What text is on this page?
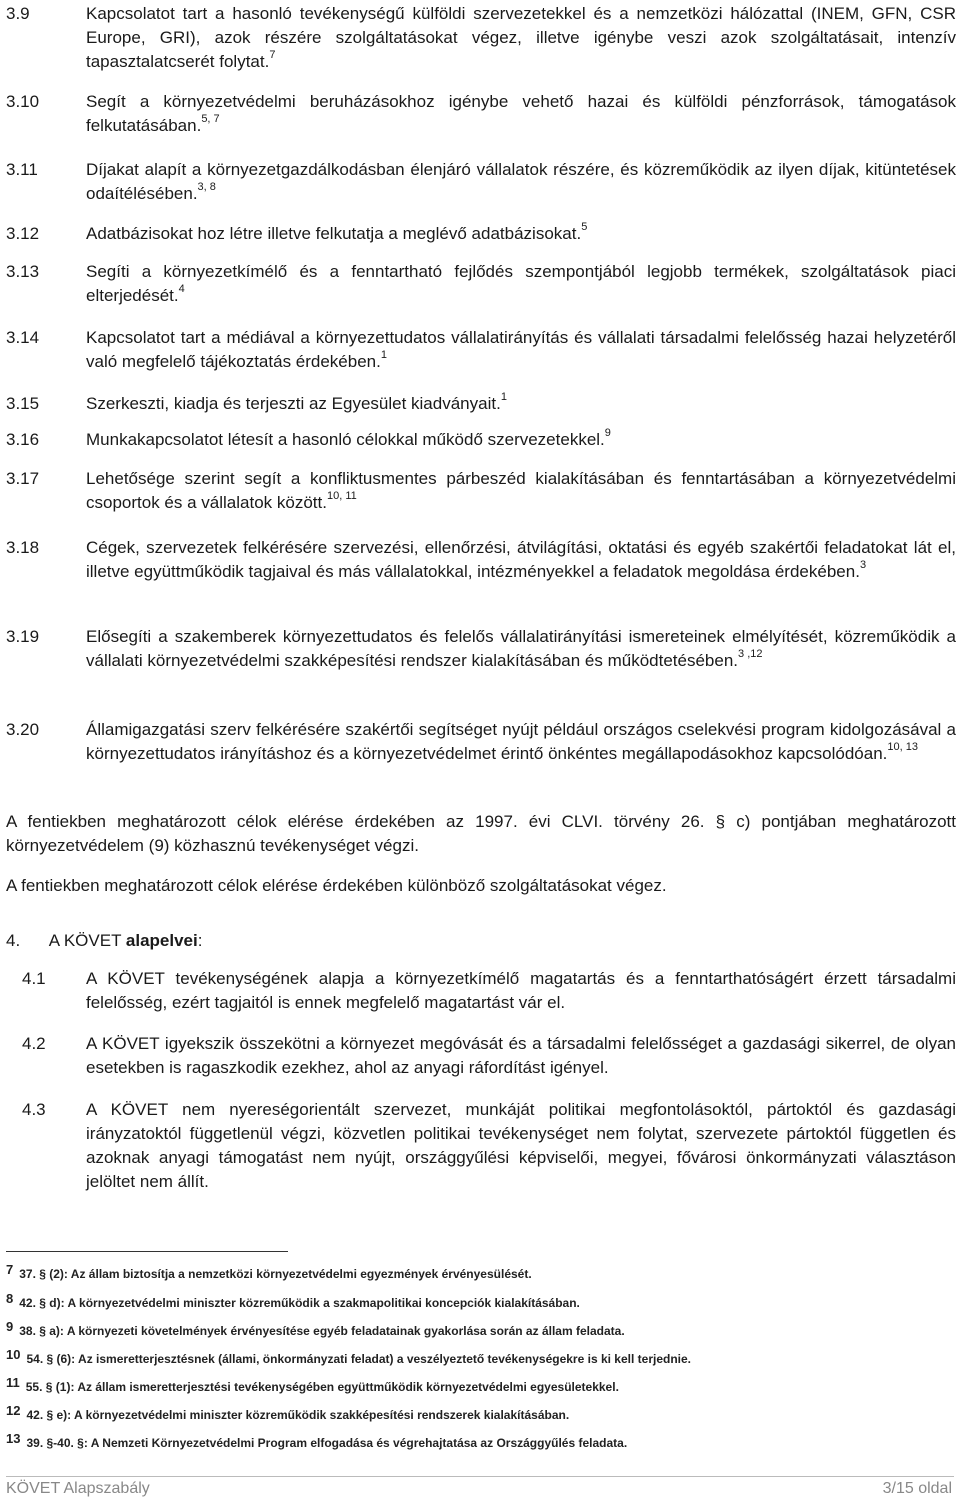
3.9	Kapcsolatot tart a hasonló tevékenységű külföldi szervezetekkel és a nemzetközi hálózattal (INEM, GFN, CSR Europe, GRI), azok részére szolgáltatásokat végez, illetve igénybe veszi azok szolgáltatásait, intenzív tapasztalatcserét folytat.$^7$
3.10	Segít a környezetvédelmi beruházásokhoz igénybe vehető hazai és külföldi pénzforrások, támogatások felkutatásában.$^{5, 7}$
3.11	Díjakat alapít a környezetgazdálkodásban élenjáró vállalatok részére, és közreműködik az ilyen díjak, kitüntetések odaítélésében.$^{3, 8}$
3.12	Adatbázisokat hoz létre illetve felkutatja a meglévő adatbázisokat.$^5$
3.13	Segíti a környezetkímélő és a fenntartható fejlődés szempontjából legjobb termékek, szolgáltatások piaci elterjedését.$^4$
3.14	Kapcsolatot tart a médiával a környezettudatos vállalatirányítás és vállalati társadalmi felelősség hazai helyzetéről való megfelelő tájékoztatás érdekében.$^1$
3.15	Szerkeszti, kiadja és terjeszti az Egyesület kiadványait.$^1$
3.16	Munkakapcsolatot létesít a hasonló célokkal működő szervezetekkel.$^9$
3.17	Lehetősége szerint segít a konfliktusmentes párbeszéd kialakításában és fenntartásában a környezetvédelmi csoportok és a vállalatok között.$^{10, 11}$
3.18	Cégek, szervezetek felkérésére szervezési, ellenőrzési, átvilágítási, oktatási és egyéb szakértői feladatokat lát el, illetve együttműködik tagjaival és más vállalatokkal, intézményekkel a feladatok megoldása érdekében.$^3$
3.19	Elősegíti a szakemberek környezettudatos és felelős vállalatirányítási ismereteinek elmélyítését, közreműködik a vállalati környezetvédelmi szakképesítési rendszer kialakításában és működtetésében.$^{3 ,12}$
3.20	Államigazgatási szerv felkérésére szakértői segítséget nyújt például országos cselekvési program kidolgozásával a környezettudatos irányításhoz és a környezetvédelmet érintő önkéntes megállapodásokhoz kapcsolódóan.$^{10, 13}$
A fentiekben meghatározott célok elérése érdekében az 1997. évi CLVI. törvény 26. § c) pontjában meghatározott környezetvédelem (9) közhasznú tevékenységet végzi.
A fentiekben meghatározott célok elérése érdekében különböző szolgáltatásokat végez.
4. A KÖVET alapelvei:
4.1	A KÖVET tevékenységének alapja a környezetkímélő magatartás és a fenntarthatóságért érzett társadalmi felelősség, ezért tagjaitól is ennek megfelelő magatartást vár el.
4.2	A KÖVET igyekszik összekötni a környezet megóvását és a társadalmi felelősséget a gazdasági sikerrel, de olyan esetekben is ragaszkodik ezekhez, ahol az anyagi ráfordítást igényel.
4.3	A KÖVET nem nyereségorientált szervezet, munkáját politikai megfontolásoktól, pártoktól és gazdasági irányzatoktól függetlenül végzi, közvetlen politikai tevékenységet nem folytat, szervezete pártoktól független és azoknak anyagi támogatást nem nyújt, országgyűlési képviselői, megyei, fővárosi önkormányzati választáson jelöltet nem állít.
7 37. § (2): Az állam biztosítja a nemzetközi környezetvédelmi egyezmények érvényesülését.
8 42. § d): A környezetvédelmi miniszter közreműködik a szakmapolitikai koncepciók kialakításában.
9 38. § a): A környezeti követelmények érvényesítése egyéb feladatainak gyakorlása során az állam feladata.
10 54. § (6): Az ismeretterjesztésnek (állami, önkormányzati feladat) a veszélyeztető tevékenységekre is ki kell terjednie.
11 55. § (1): Az állam ismeretterjesztési tevékenységében együttműködik környezetvédelmi egyesületekkel.
12 42. § e): A környezetvédelmi miniszter közreműködik szakképesítési rendszerek kialakításában.
13 39. §-40. §: A Nemzeti Környezetvédelmi Program elfogadása és végrehajtatása az Országgyűlés feladata.
KÖVET Alapszabály	3/15 oldal
